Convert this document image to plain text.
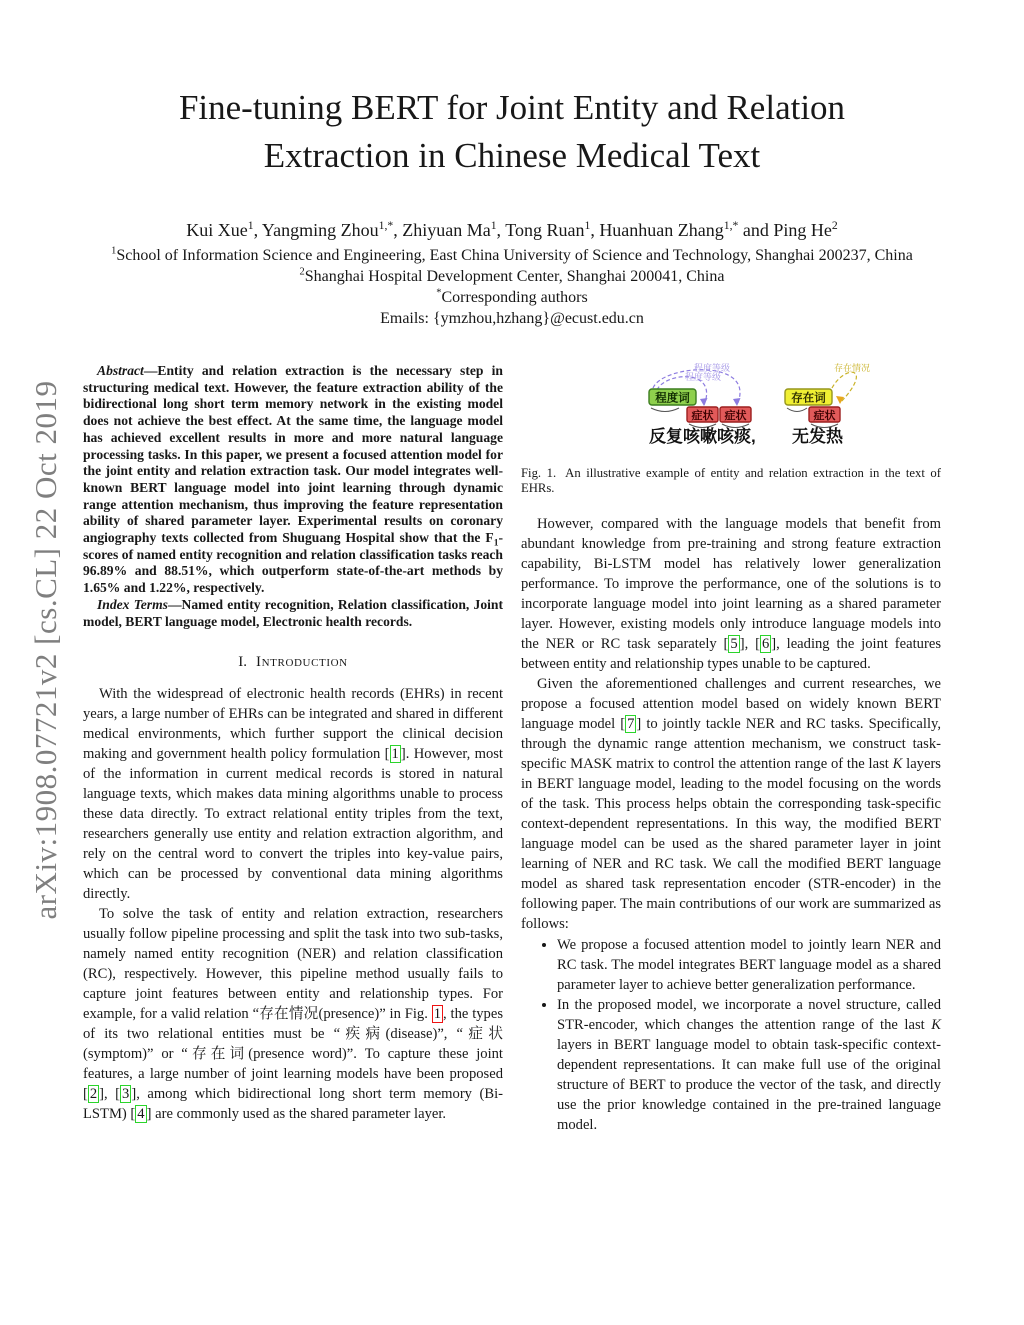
arXiv:1908.07721v2 [cs.CL] 22 Oct 2019
Fine-tuning BERT for Joint Entity and Relation
Extraction in Chinese Medical Text
Kui Xue$^1$, Yangming Zhou$^{1,*}$, Zhiyuan Ma$^1$, Tong Ruan$^1$, Huanhuan Zhang$^{1,*}$ and Ping He$^2$
$^1$School of Information Science and Engineering, East China University of Science and Technology, Shanghai 200237, China
$^2$Shanghai Hospital Development Center, Shanghai 200041, China
*Corresponding authors
Emails: {ymzhou,hzhang}@ecust.edu.cn

Abstract—Entity and relation extraction is the necessary step in structuring medical text. However, the feature extraction ability of the bidirectional long short term memory network in the existing model does not achieve the best effect. At the same time, the language model has achieved excellent results in more and more natural language processing tasks. In this paper, we present a focused attention model for the joint entity and relation extraction task. Our model integrates well-known BERT language model into joint learning through dynamic range attention mechanism, thus improving the feature representation ability of shared parameter layer. Experimental results on coronary angiography texts collected from Shuguang Hospital show that the $F_1$-scores of named entity recognition and relation classification tasks reach 96.89% and 88.51%, which outperform state-of-the-art methods by 1.65% and 1.22%, respectively.

Index Terms—Named entity recognition, Relation classification, Joint model, BERT language model, Electronic health records.

I. Introduction

With the widespread of electronic health records (EHRs) in recent years, a large number of EHRs can be integrated and shared in different medical environments, which further support the clinical decision making and government health policy formulation [ 1 ]. However, most of the information in current medical records is stored in natural language texts, which makes data mining algorithms unable to process these data directly. To extract relational entity triples from the text, researchers generally use entity and relation extraction algorithm, and rely on the central word to convert the triples into key-value pairs, which can be processed by conventional data mining algorithms directly.

To solve the task of entity and relation extraction, researchers usually follow pipeline processing and split the task into two sub-tasks, namely named entity recognition (NER) and relation classification (RC), respectively. However, this pipeline method usually fails to capture joint features between entity and relationship types. For example, for a valid relation “存在情况(presence)” in Fig. 1 , the types of its two relational entities must be “疾病(disease)”, “症状(symptom)” or “存在词(presence word)”. To capture these joint features, a large number of joint learning models have been proposed [ 2 ], [ 3 ], among which bidirectional long short term memory (Bi-LSTM) [ 4 ] are commonly used as the shared parameter layer.

程度等级
程度等级
存在情况
程度词
症状 症状
存在词
症状
反复咳嗽咳痰, 无发热

Fig. 1. An illustrative example of entity and relation extraction in the text of EHRs.

However, compared with the language models that benefit from abundant knowledge from pre-training and strong feature extraction capability, Bi-LSTM model has relatively lower generalization performance. To improve the performance, one of the solutions is to incorporate language model into joint learning as a shared parameter layer. However, existing models only introduce language models into the NER or RC task separately [ 5 ], [ 6 ], leading the joint features between entity and relationship types unable to be captured.

Given the aforementioned challenges and current researches, we propose a focused attention model based on widely known BERT language model [ 7 ] to jointly tackle NER and RC tasks. Specifically, through the dynamic range attention mechanism, we construct task-specific MASK matrix to control the attention range of the last K layers in BERT language model, leading to the model focusing on the words of the task. This process helps obtain the corresponding task-specific context-dependent representations. In this way, the modified BERT language model can be used as the shared parameter layer in joint learning of NER and RC task. We call the modified BERT language model as shared task representation encoder (STR-encoder) in the following paper. The main contributions of our work are summarized as follows:

• We propose a focused attention model to jointly learn NER and RC task. The model integrates BERT language model as a shared parameter layer to achieve better generalization performance.
• In the proposed model, we incorporate a novel structure, called STR-encoder, which changes the attention range of the last K layers in BERT language model to obtain task-specific context-dependent representations. It can make full use of the original structure of BERT to produce the vector of the task, and directly use the prior knowledge contained in the pre-trained language model.
